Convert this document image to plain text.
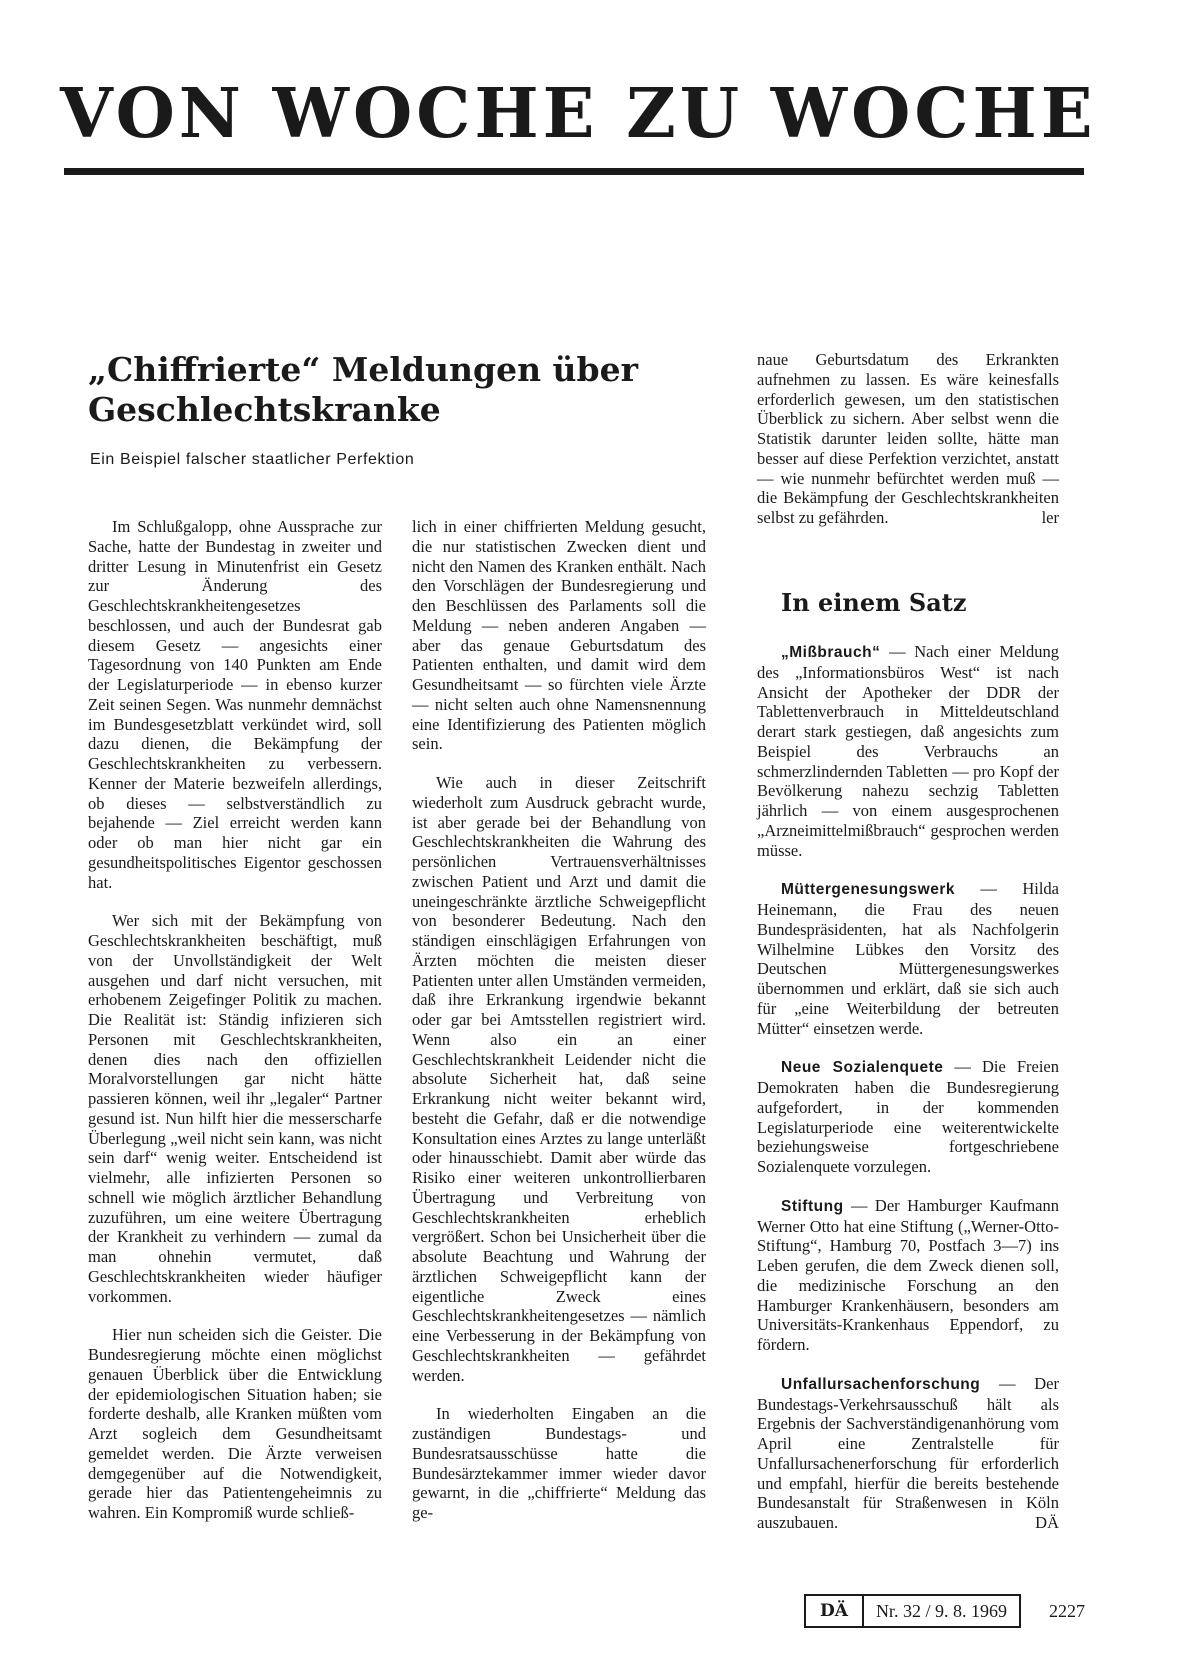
VON WOCHE ZU WOCHE
„Chiffrierte“ Meldungen über Geschlechtskranke
Ein Beispiel falscher staatlicher Perfektion

Im Schlußgalopp, ohne Aussprache zur Sache, hatte der Bundestag in zweiter und dritter Lesung in Minutenfrist ein Gesetz zur Änderung des Geschlechtskrankheitengesetzes beschlossen, und auch der Bundesrat gab diesem Gesetz — angesichts einer Tagesordnung von 140 Punkten am Ende der Legislaturperiode — in ebenso kurzer Zeit seinen Segen. Was nunmehr demnächst im Bundesgesetzblatt verkündet wird, soll dazu dienen, die Bekämpfung der Geschlechtskrankheiten zu verbessern. Kenner der Materie bezweifeln allerdings, ob dieses — selbstverständlich zu bejahende — Ziel erreicht werden kann oder ob man hier nicht gar ein gesundheitspolitisches Eigentor geschossen hat.

Wer sich mit der Bekämpfung von Geschlechtskrankheiten beschäftigt, muß von der Unvollständigkeit der Welt ausgehen und darf nicht versuchen, mit erhobenem Zeigefinger Politik zu machen. Die Realität ist: Ständig infizieren sich Personen mit Geschlechtskrankheiten, denen dies nach den offiziellen Moralvorstellungen gar nicht hätte passieren können, weil ihr „legaler“ Partner gesund ist. Nun hilft hier die messerscharfe Überlegung „weil nicht sein kann, was nicht sein darf“ wenig weiter. Entscheidend ist vielmehr, alle infizierten Personen so schnell wie möglich ärztlicher Behandlung zuzuführen, um eine weitere Übertragung der Krankheit zu verhindern — zumal da man ohnehin vermutet, daß Geschlechtskrankheiten wieder häufiger vorkommen.

Hier nun scheiden sich die Geister. Die Bundesregierung möchte einen möglichst genauen Überblick über die Entwicklung der epidemiologischen Situation haben; sie forderte deshalb, alle Kranken müßten vom Arzt sogleich dem Gesundheitsamt gemeldet werden. Die Ärzte verweisen demgegenüber auf die Notwendigkeit, gerade hier das Patientengeheimnis zu wahren. Ein Kompromiß wurde schließ-

lich in einer chiffrierten Meldung gesucht, die nur statistischen Zwecken dient und nicht den Namen des Kranken enthält. Nach den Vorschlägen der Bundesregierung und den Beschlüssen des Parlaments soll die Meldung — neben anderen Angaben — aber das genaue Geburtsdatum des Patienten enthalten, und damit wird dem Gesundheitsamt — so fürchten viele Ärzte — nicht selten auch ohne Namensnennung eine Identifizierung des Patienten möglich sein.

Wie auch in dieser Zeitschrift wiederholt zum Ausdruck gebracht wurde, ist aber gerade bei der Behandlung von Geschlechtskrankheiten die Wahrung des persönlichen Vertrauensverhältnisses zwischen Patient und Arzt und damit die uneingeschränkte ärztliche Schweigepflicht von besonderer Bedeutung. Nach den ständigen einschlägigen Erfahrungen von Ärzten möchten die meisten dieser Patienten unter allen Umständen vermeiden, daß ihre Erkrankung irgendwie bekannt oder gar bei Amtsstellen registriert wird. Wenn also ein an einer Geschlechtskrankheit Leidender nicht die absolute Sicherheit hat, daß seine Erkrankung nicht weiter bekannt wird, besteht die Gefahr, daß er die notwendige Konsultation eines Arztes zu lange unterläßt oder hinausschiebt. Damit aber würde das Risiko einer weiteren unkontrollierbaren Übertragung und Verbreitung von Geschlechtskrankheiten erheblich vergrößert. Schon bei Unsicherheit über die absolute Beachtung und Wahrung der ärztlichen Schweigepflicht kann der eigentliche Zweck eines Geschlechtskrankheitengesetzes — nämlich eine Verbesserung in der Bekämpfung von Geschlechtskrankheiten — gefährdet werden.

In wiederholten Eingaben an die zuständigen Bundestags- und Bundesratsausschüsse hatte die Bundesärztekammer immer wieder davor gewarnt, in die „chiffrierte“ Meldung das ge-

naue Geburtsdatum des Erkrankten aufnehmen zu lassen. Es wäre keinesfalls erforderlich gewesen, um den statistischen Überblick zu sichern. Aber selbst wenn die Statistik darunter leiden sollte, hätte man besser auf diese Perfektion verzichtet, anstatt — wie nunmehr befürchtet werden muß — die Bekämpfung der Geschlechtskrankheiten selbst zu gefährden.	ler

In einem Satz

„Mißbrauch“ — Nach einer Meldung des „Informationsbüros West“ ist nach Ansicht der Apotheker der DDR der Tablettenverbrauch in Mitteldeutschland derart stark gestiegen, daß angesichts zum Beispiel des Verbrauchs an schmerzlindernden Tabletten — pro Kopf der Bevölkerung nahezu sechzig Tabletten jährlich — von einem ausgesprochenen „Arzneimittelmißbrauch“ gesprochen werden müsse.

Müttergenesungswerk — Hilda Heinemann, die Frau des neuen Bundespräsidenten, hat als Nachfolgerin Wilhelmine Lübkes den Vorsitz des Deutschen Müttergenesungswerkes übernommen und erklärt, daß sie sich auch für „eine Weiterbildung der betreuten Mütter“ einsetzen werde.

Neue Sozialenquete — Die Freien Demokraten haben die Bundesregierung aufgefordert, in der kommenden Legislaturperiode eine weiterentwickelte beziehungsweise fortgeschriebene Sozialenquete vorzulegen.

Stiftung — Der Hamburger Kaufmann Werner Otto hat eine Stiftung („Werner-Otto-Stiftung“, Hamburg 70, Postfach 3—7) ins Leben gerufen, die dem Zweck dienen soll, die medizinische Forschung an den Hamburger Krankenhäusern, besonders am Universitäts-Krankenhaus Eppendorf, zu fördern.

Unfallursachenforschung — Der Bundestags-Verkehrsausschuß hält als Ergebnis der Sachverständigenanhörung vom April eine Zentralstelle für Unfallursachenerforschung für erforderlich und empfahl, hierfür die bereits bestehende Bundesanstalt für Straßenwesen in Köln auszubauen.	DÄ

DÄ	Nr. 32 / 9. 8. 1969	2227
